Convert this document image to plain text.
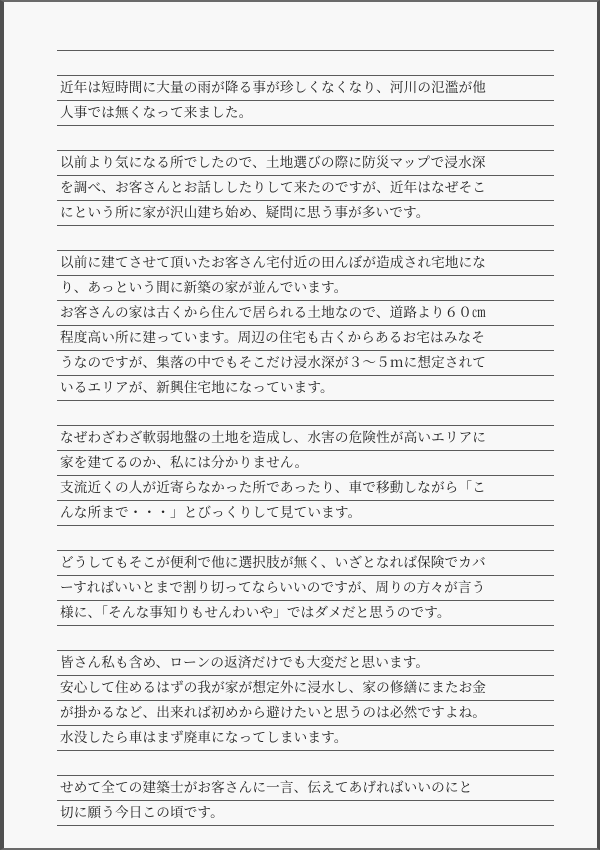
近年は短時間に大量の雨が降る事が珍しくなくなり、河川の氾濫が他
人事では無くなって来ました。
以前より気になる所でしたので、土地選びの際に防災マップで浸水深
を調べ、お客さんとお話ししたりして来たのですが、近年はなぜそこ
にという所に家が沢山建ち始め、疑問に思う事が多いです。
以前に建てさせて頂いたお客さん宅付近の田んぼが造成され宅地にな
り、あっという間に新築の家が並んでいます。
お客さんの家は古くから住んで居られる土地なので、道路より６０㎝
程度高い所に建っています。周辺の住宅も古くからあるお宅はみなそ
うなのですが、集落の中でもそこだけ浸水深が３～５ｍに想定されて
いるエリアが、新興住宅地になっています。
なぜわざわざ軟弱地盤の土地を造成し、水害の危険性が高いエリアに
家を建てるのか、私には分かりません。
支流近くの人が近寄らなかった所であったり、車で移動しながら「こ
んな所まで・・・」とびっくりして見ています。
どうしてもそこが便利で他に選択肢が無く、いざとなれば保険でカバ
ーすればいいとまで割り切ってならいいのですが、周りの方々が言う
様に、「そんな事知りもせんわいや」ではダメだと思うのです。
皆さん私も含め、ローンの返済だけでも大変だと思います。
安心して住めるはずの我が家が想定外に浸水し、家の修繕にまたお金
が掛かるなど、出来れば初めから避けたいと思うのは必然ですよね。
水没したら車はまず廃車になってしまいます。
せめて全ての建築士がお客さんに一言、伝えてあげればいいのにと
切に願う今日この頃です。
